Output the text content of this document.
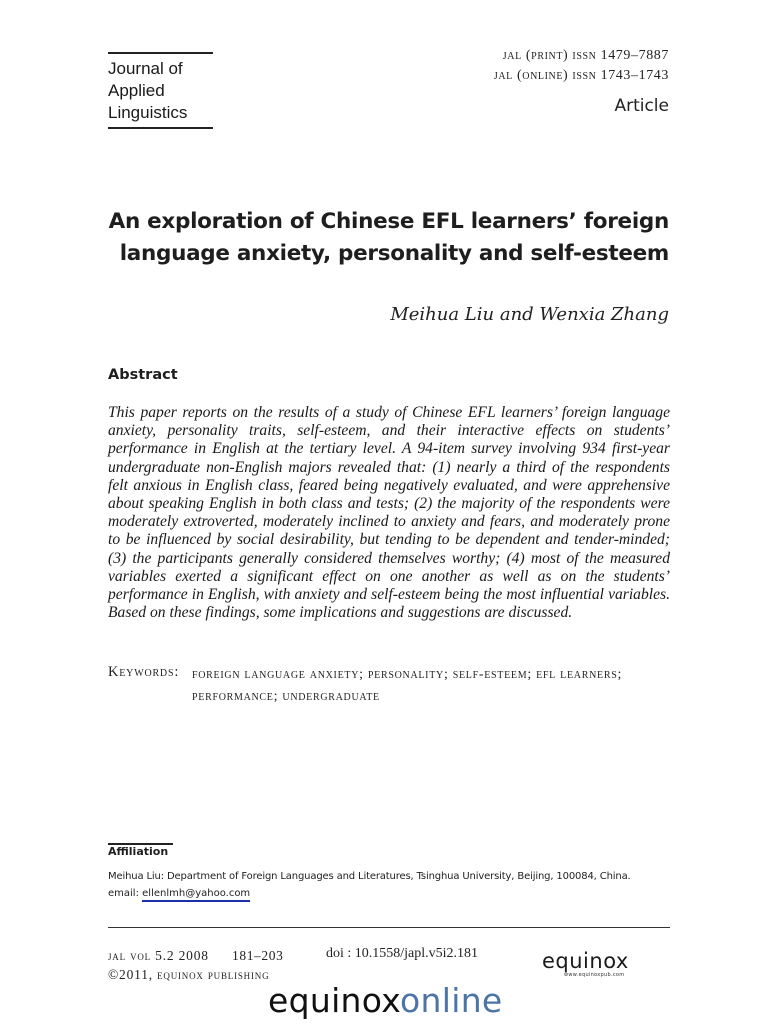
Journal of
Applied
Linguistics
jal (print) issn 1479–7887
jal (online) issn 1743–1743
Article
An exploration of Chinese EFL learners’ foreign
language anxiety, personality and self-esteem
Meihua Liu and Wenxia Zhang
Abstract
This paper reports on the results of a study of Chinese EFL learners’ foreign language anxiety, personality traits, self-esteem, and their interactive effects on students’ performance in English at the tertiary level. A 94-item survey involving 934 first-year undergraduate non-English majors revealed that: (1) nearly a third of the respondents felt anxious in English class, feared being negatively evaluated, and were apprehensive about speaking English in both class and tests; (2) the majority of the respondents were moderately extroverted, moderately inclined to anxiety and fears, and moderately prone to be influenced by social desirability, but tending to be dependent and tender-minded; (3) the participants generally considered themselves worthy; (4) most of the measured variables exerted a significant effect on one another as well as on the students’ performance in English, with anxiety and self-esteem being the most influential variables. Based on these findings, some implications and suggestions are discussed.
Keywords: foreign language anxiety; personality; self-esteem; efl learners; performance; undergraduate
Affiliation
Meihua Liu: Department of Foreign Languages and Literatures, Tsinghua University, Beijing, 100084, China.
email: ellenlmh@yahoo.com
jal vol 5.2 2008 181–203	doi : 10.1558/japl.v5i2.181
©2011, equinox publishing
equinox
www.equinoxpub.com
equinoxonline
